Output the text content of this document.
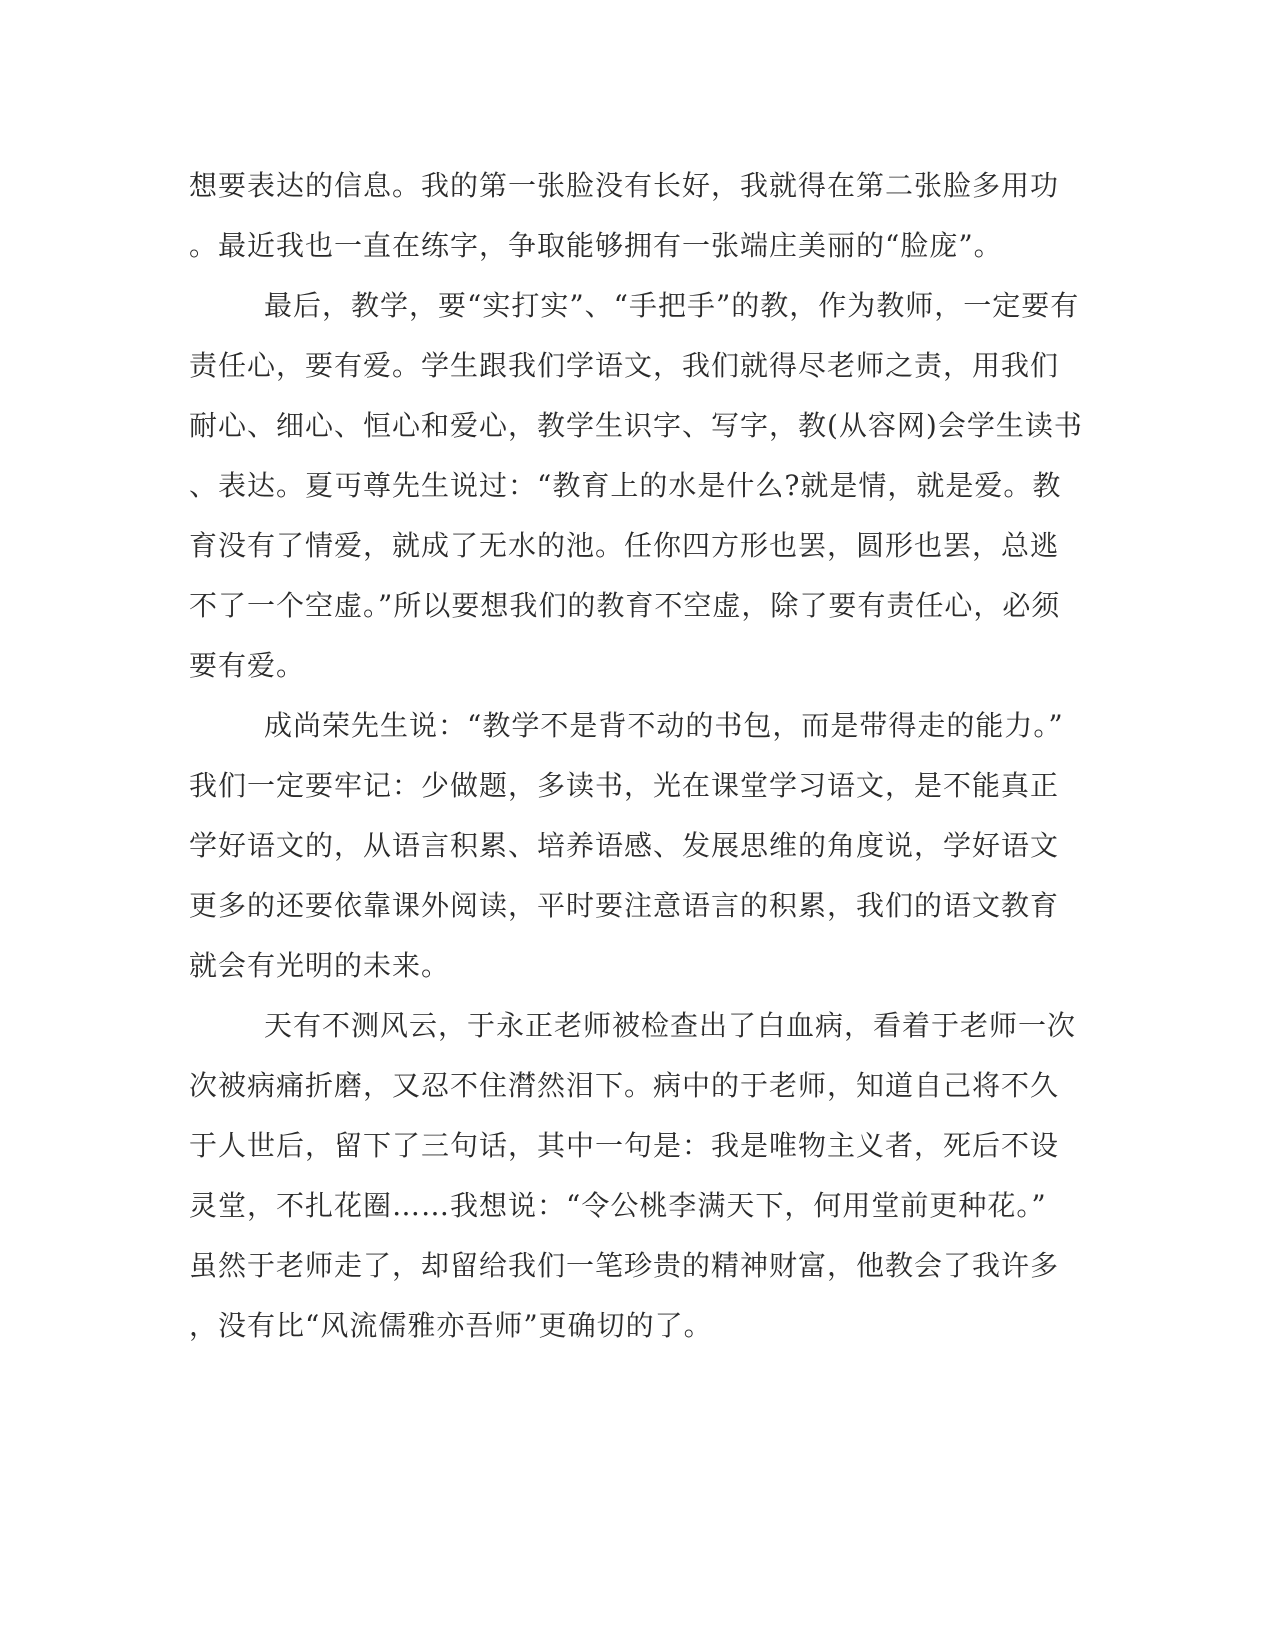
想要表达的信息。我的第一张脸没有长好，我就得在第二张脸多用功
。最近我也一直在练字，争取能够拥有一张端庄美丽的“脸庞”。
最后，教学，要“实打实”、“手把手”的教，作为教师，一定要有
责任心，要有爱。学生跟我们学语文，我们就得尽老师之责，用我们
耐心、细心、恒心和爱心，教学生识字、写字，教(从容网)会学生读书
、表达。夏丏尊先生说过：“教育上的水是什么?就是情，就是爱。教
育没有了情爱，就成了无水的池。任你四方形也罢，圆形也罢，总逃
不了一个空虚。”所以要想我们的教育不空虚，除了要有责任心，必须
要有爱。
成尚荣先生说：“教学不是背不动的书包，而是带得走的能力。”
我们一定要牢记：少做题，多读书，光在课堂学习语文，是不能真正
学好语文的，从语言积累、培养语感、发展思维的角度说，学好语文
更多的还要依靠课外阅读，平时要注意语言的积累，我们的语文教育
就会有光明的未来。
天有不测风云，于永正老师被检查出了白血病，看着于老师一次
次被病痛折磨，又忍不住潸然泪下。病中的于老师，知道自己将不久
于人世后，留下了三句话，其中一句是：我是唯物主义者，死后不设
灵堂，不扎花圈……我想说：“令公桃李满天下，何用堂前更种花。”
虽然于老师走了，却留给我们一笔珍贵的精神财富，他教会了我许多
，没有比“风流儒雅亦吾师”更确切的了。
